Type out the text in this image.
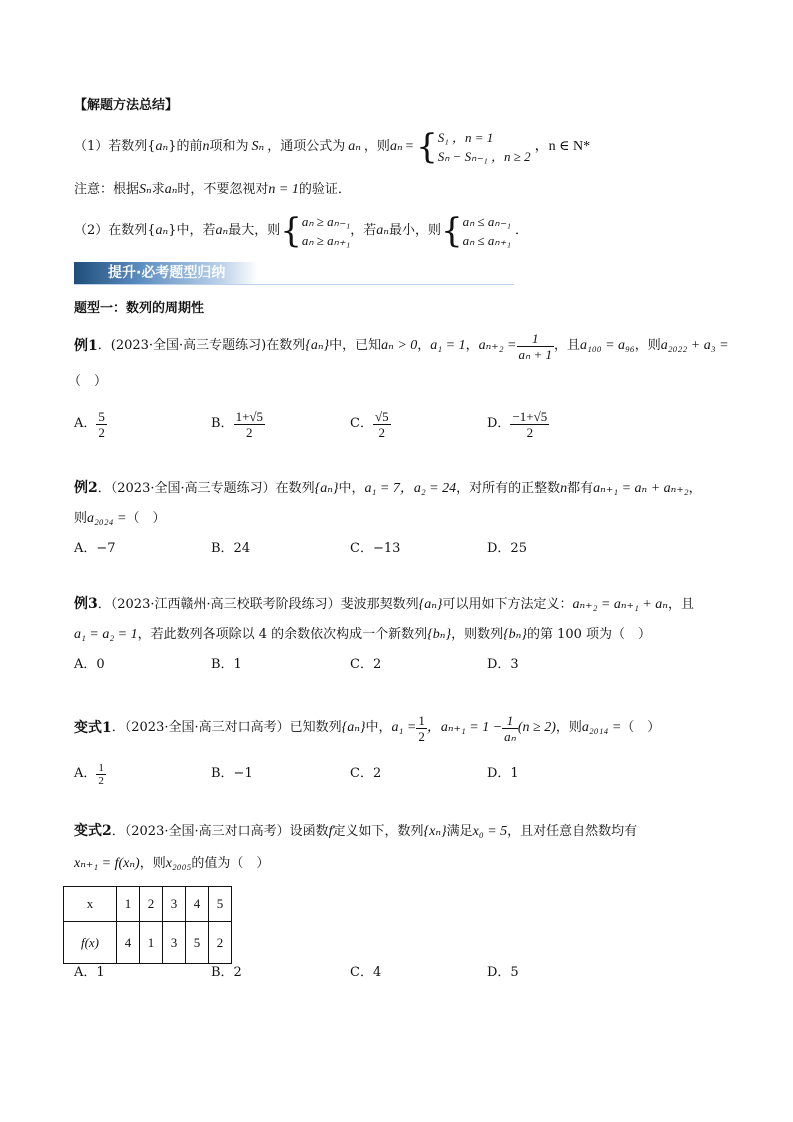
【解题方法总结】
（1）若数列{ aₙ }的前 n 项和为 Sₙ ，通项公式为 aₙ ，则 aₙ = { S₁ ，n = 1
Sₙ − Sₙ₋₁ ，n ≥ 2
，n ∈ N*
注意：根据Sₙ求aₙ时，不要忽视对n = 1的验证．
（2）在数列{ aₙ }中，若 aₙ 最大，则 { aₙ ≥ aₙ₋₁
aₙ ≥ aₙ₊₁
，若 aₙ 最小，则 { aₙ ≤ aₙ₋₁
aₙ ≤ aₙ₊₁
．
提升·必考题型归纳
题型一：数列的周期性
例1 ．(2023·全国·高三专题练习)在数列 {aₙ} 中，已知 aₙ > 0 ， a₁ = 1 ， $a_{n+2} = \frac{1}{\text{aₙ + 1}}$ ，且 a₁₀₀ = a₉₆ ，则 a₂₀₂₂ + a₃ =
（　）
A． $\frac{5}{2}$	B． $\frac{1+√5}{2}$	C． $\frac{√5}{2}$	D． $\frac{-1+√5}{2}$
例2．（2023·全国·高三专题练习）在数列{aₙ}中，a₁ = 7，a₂ = 24，对所有的正整数n都有aₙ₊₁ = aₙ + aₙ₊₂，
则a₂₀₂₄ =（　）
A．−7	B．24	C．−13	D．25
例3．（2023·江西赣州·高三校联考阶段练习）斐波那契数列{aₙ}可以用如下方法定义：aₙ₊₂ = aₙ₊₁ + aₙ，且
a₁ = a₂ = 1，若此数列各项除以 4 的余数依次构成一个新数列{bₙ}，则数列{bₙ}的第 100 项为（　）
A．0	B．1	C．2	D．3
变式1 ．（2023·全国·高三对口高考）已知数列 {aₙ} 中， $a_1 = \frac{1}{2}$ ，$a_{n+1} = 1 - \frac{1}{\text{aₙ}} (n \ge 2)$ ，则 a₂₀₁₄ = （　）
A． $\frac{1}{2}$	B．−1	C．2	D．1
变式2．（2023·全国·高三对口高考）设函数f定义如下，数列{xₙ}满足x₀ = 5，且对任意自然数均有
xₙ₊₁ = f(xₙ)，则x₂₀₀₅的值为（　）
x	1	2	3	4	5
f(x)	4	1	3	5	2
A．1	B．2	C．4	D．5
